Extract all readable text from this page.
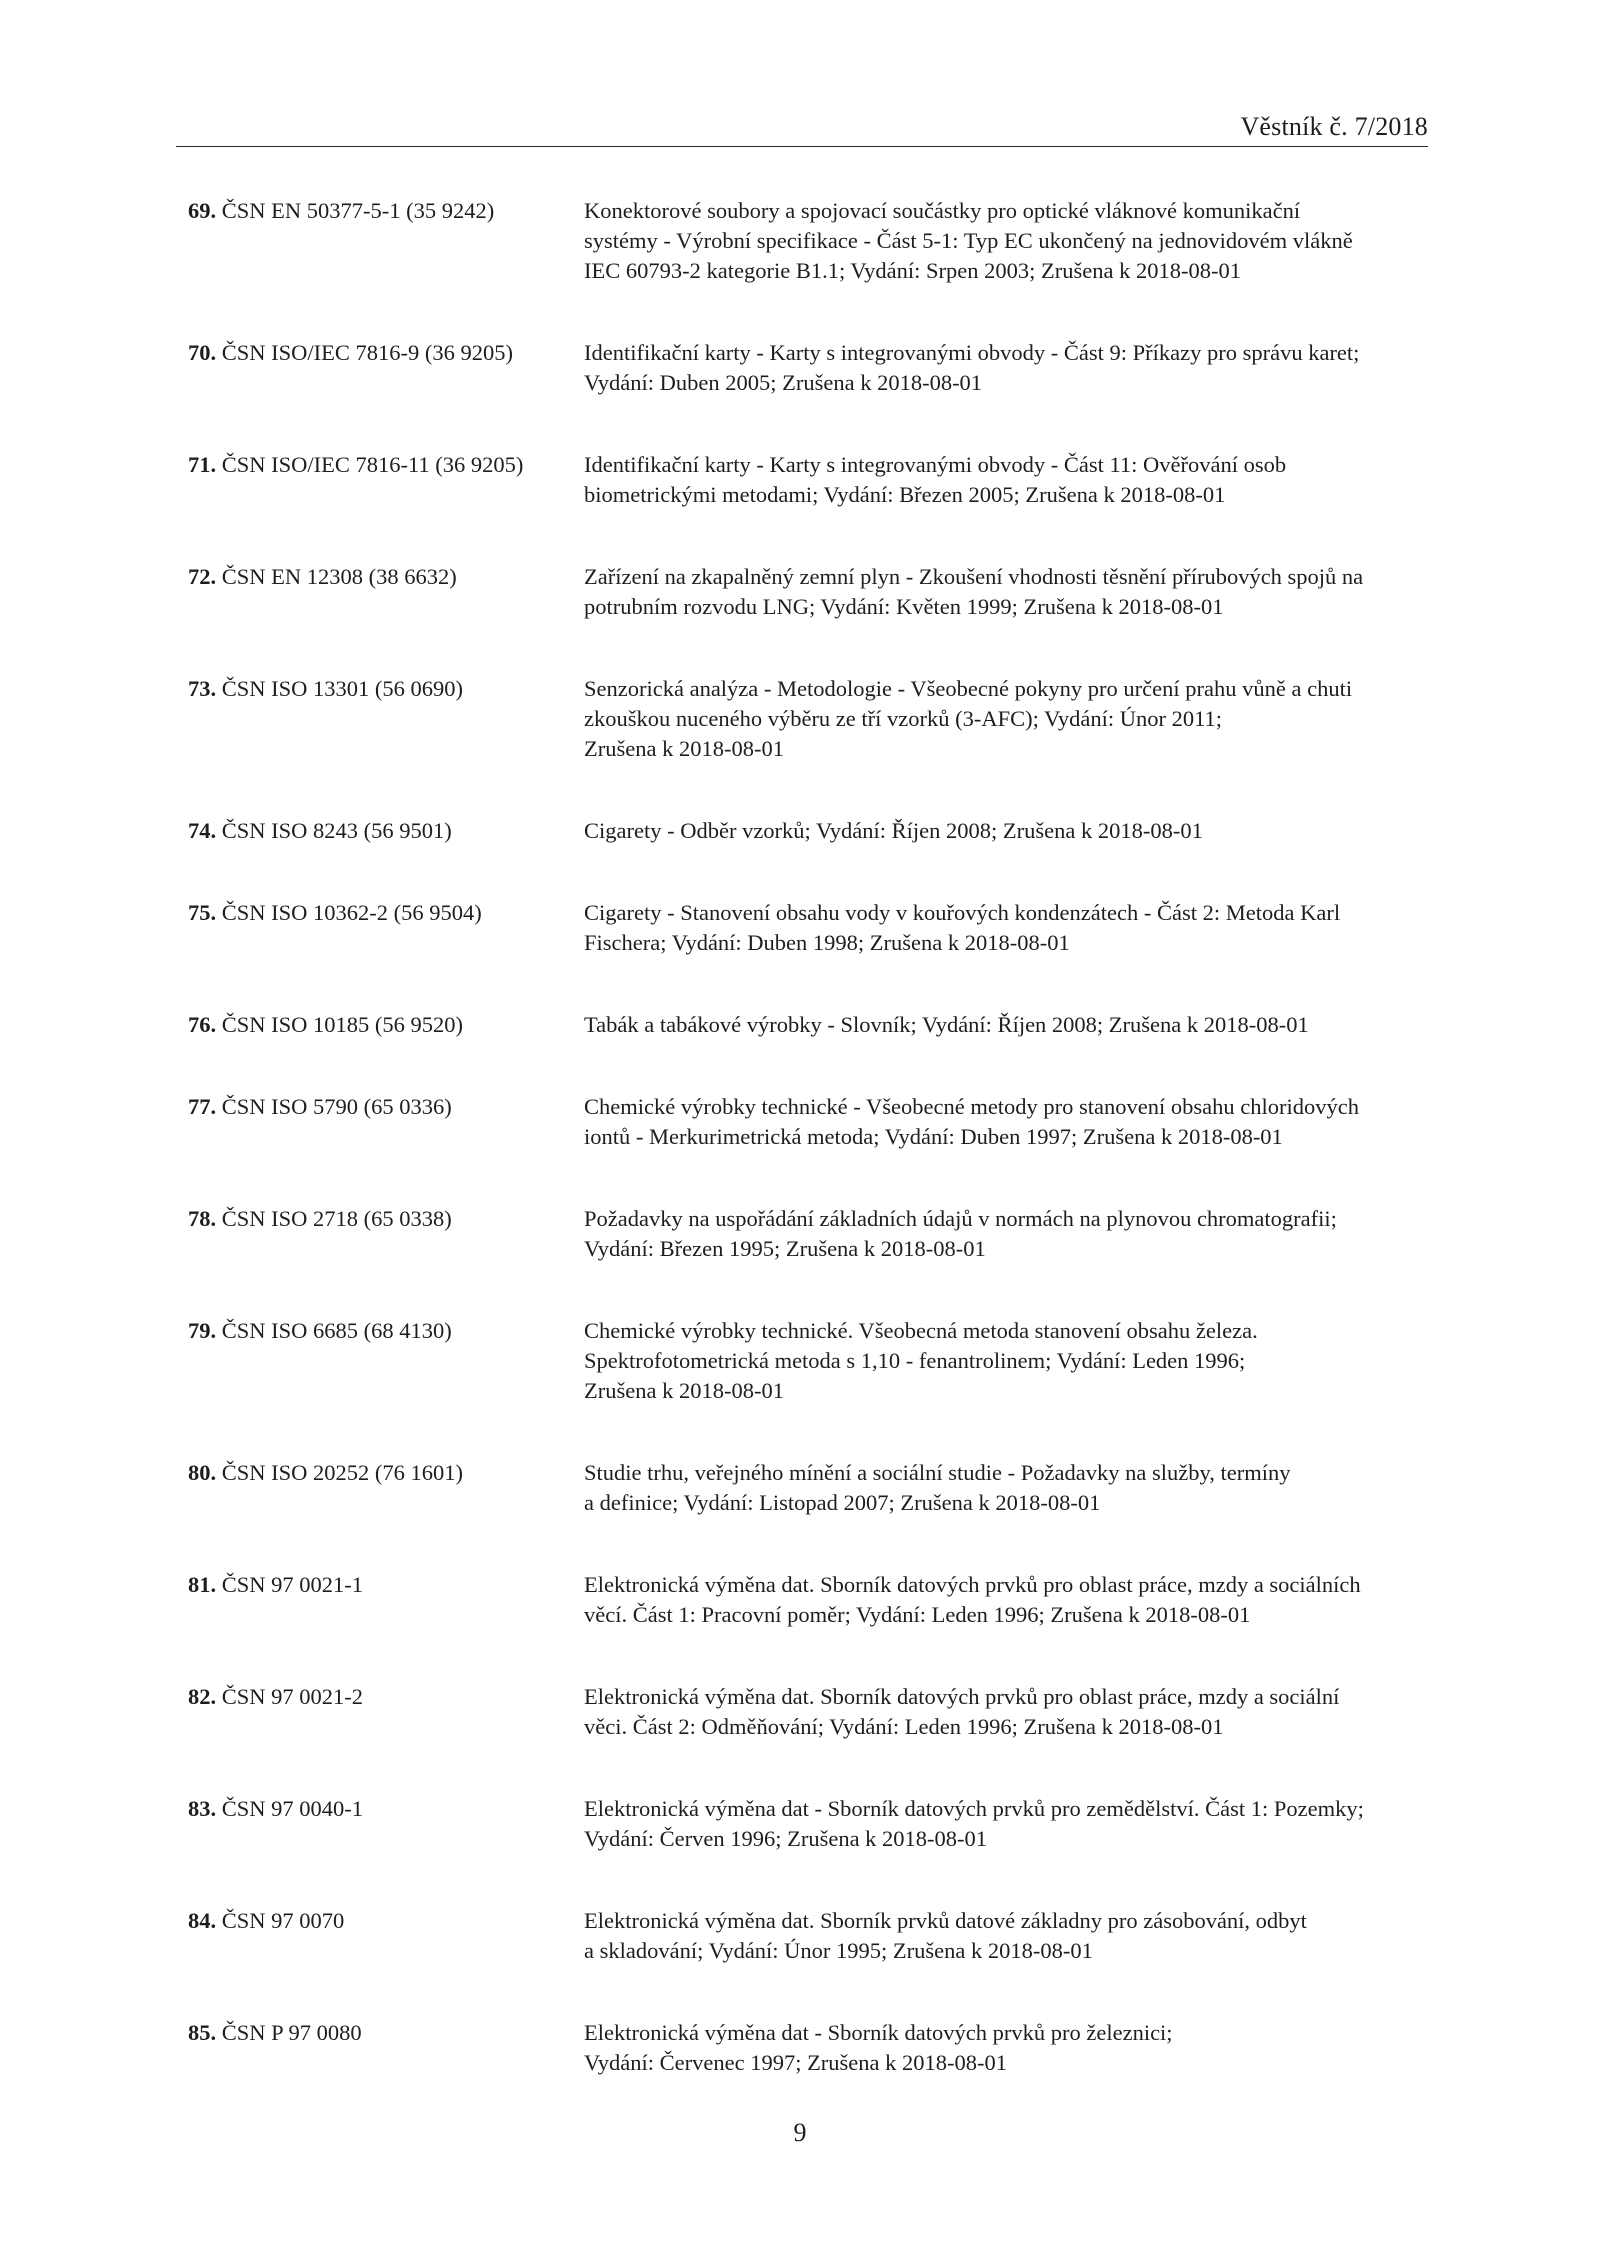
Věstník č. 7/2018
69. ČSN EN 50377-5-1 (35 9242)	Konektorové soubory a spojovací součástky pro optické vláknové komunikační
systémy - Výrobní specifikace - Část 5-1: Typ EC ukončený na jednovidovém vlákně
IEC 60793-2 kategorie B1.1; Vydání: Srpen 2003; Zrušena k 2018-08-01
70. ČSN ISO/IEC 7816-9 (36 9205)	Identifikační karty - Karty s integrovanými obvody - Část 9: Příkazy pro správu karet;
Vydání: Duben 2005; Zrušena k 2018-08-01
71. ČSN ISO/IEC 7816-11 (36 9205)	Identifikační karty - Karty s integrovanými obvody - Část 11: Ověřování osob
biometrickými metodami; Vydání: Březen 2005; Zrušena k 2018-08-01
72. ČSN EN 12308 (38 6632)	Zařízení na zkapalněný zemní plyn - Zkoušení vhodnosti těsnění přírubových spojů na
potrubním rozvodu LNG; Vydání: Květen 1999; Zrušena k 2018-08-01
73. ČSN ISO 13301 (56 0690)	Senzorická analýza - Metodologie - Všeobecné pokyny pro určení prahu vůně a chuti
zkouškou nuceného výběru ze tří vzorků (3-AFC); Vydání: Únor 2011;
Zrušena k 2018-08-01
74. ČSN ISO 8243 (56 9501)	Cigarety - Odběr vzorků; Vydání: Říjen 2008; Zrušena k 2018-08-01
75. ČSN ISO 10362-2 (56 9504)	Cigarety - Stanovení obsahu vody v kouřových kondenzátech - Část 2: Metoda Karl
Fischera; Vydání: Duben 1998; Zrušena k 2018-08-01
76. ČSN ISO 10185 (56 9520)	Tabák a tabákové výrobky - Slovník; Vydání: Říjen 2008; Zrušena k 2018-08-01
77. ČSN ISO 5790 (65 0336)	Chemické výrobky technické - Všeobecné metody pro stanovení obsahu chloridových
iontů - Merkurimetrická metoda; Vydání: Duben 1997; Zrušena k 2018-08-01
78. ČSN ISO 2718 (65 0338)	Požadavky na uspořádání základních údajů v normách na plynovou chromatografii;
Vydání: Březen 1995; Zrušena k 2018-08-01
79. ČSN ISO 6685 (68 4130)	Chemické výrobky technické. Všeobecná metoda stanovení obsahu železa.
Spektrofotometrická metoda s 1,10 - fenantrolinem; Vydání: Leden 1996;
Zrušena k 2018-08-01
80. ČSN ISO 20252 (76 1601)	Studie trhu, veřejného mínění a sociální studie - Požadavky na služby, termíny
a definice; Vydání: Listopad 2007; Zrušena k 2018-08-01
81. ČSN 97 0021-1	Elektronická výměna dat. Sborník datových prvků pro oblast práce, mzdy a sociálních
věcí. Část 1: Pracovní poměr; Vydání: Leden 1996; Zrušena k 2018-08-01
82. ČSN 97 0021-2	Elektronická výměna dat. Sborník datových prvků pro oblast práce, mzdy a sociální
věci. Část 2: Odměňování; Vydání: Leden 1996; Zrušena k 2018-08-01
83. ČSN 97 0040-1	Elektronická výměna dat - Sborník datových prvků pro zemědělství. Část 1: Pozemky;
Vydání: Červen 1996; Zrušena k 2018-08-01
84. ČSN 97 0070	Elektronická výměna dat. Sborník prvků datové základny pro zásobování, odbyt
a skladování; Vydání: Únor 1995; Zrušena k 2018-08-01
85. ČSN P 97 0080	Elektronická výměna dat - Sborník datových prvků pro železnici;
Vydání: Červenec 1997; Zrušena k 2018-08-01
9
